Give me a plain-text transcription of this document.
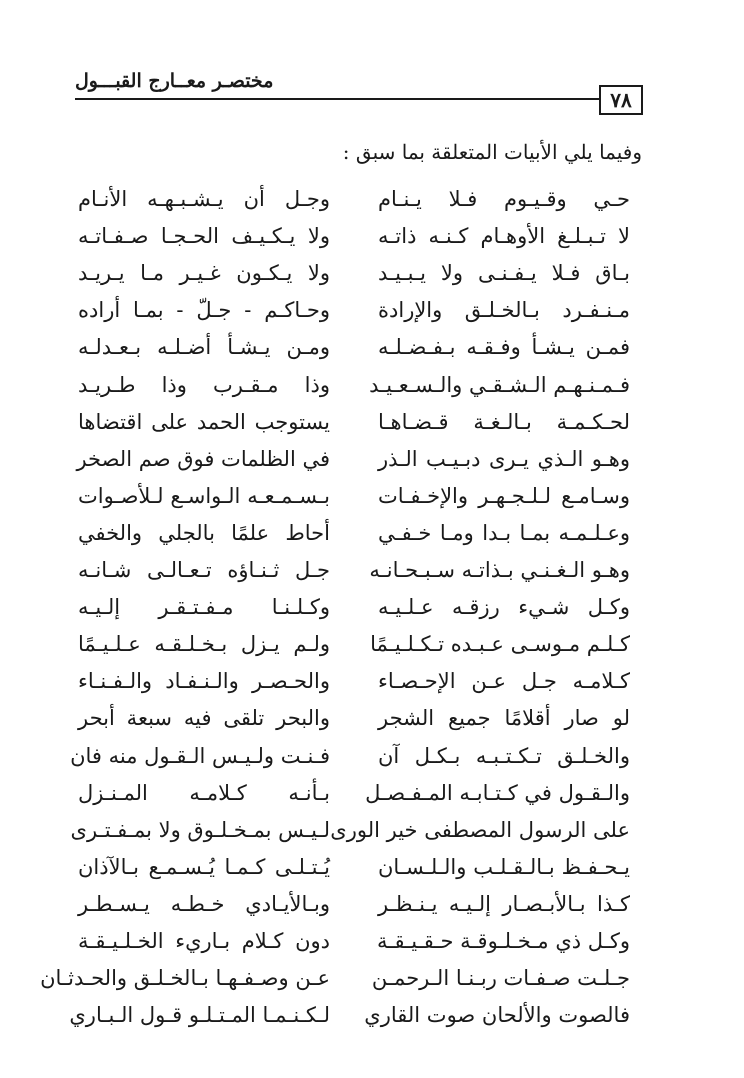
مختصـر معــارج القبـــول
٧٨
وفيما يلي الأبيات المتعلقة بما سبق :
حـي وقـيـوم فـلا يـنـام
وجـل أن يـشـبـهـه الأنـام
لا تـبـلـغ الأوهـام كـنـه ذاتـه
ولا يـكـيـف الحـجـا صـفـاتـه
بـاق فـلا يـفـنـى ولا يـبـيـد
ولا يـكـون غـيـر مـا يـريـد
مـنـفـرد بـالخـلـق والإرادة
وحـاكـم - جـلّ - بمـا أراده
فمـن يـشـأ وفـقـه بـفـضـلـه
ومـن يـشـأ أضـلـه بـعـدلـه
فـمـنـهـم الـشـقـي والـسـعـيـد
وذا مـقـرب وذا طـريـد
لحـكـمـة بـالـغـة قـضـاهـا
يستوجب الحمد على اقتضاها
وهـو الـذي يـرى دبـيـب الـذر
في الظلمات فوق صم الصخر
وسـامـع لـلـجـهـر والإخـفـات
بـسـمـعـه الـواسـع لـلأصـوات
وعـلـمـه بمـا بـدا ومـا خـفـي
أحاط علمًا بالجلي والخفي
وهـو الـغـنـي بـذاتـه سـبـحـانـه
جـل ثـنـاؤه تـعـالـى شـانـه
وكـل شـيء رزقـه عـلـيـه
وكـلـنـا مـفـتـقـر إلـيـه
كـلـم مـوسـى عـبـده تـكـلـيـمًا
ولـم يـزل بـخـلـقـه عـلـيـمًا
كـلامـه جـل عـن الإحـصـاء
والحـصـر والـنـفـاد والـفـنـاء
لو صار أقلامًا جميع الشجر
والبحر تلقى فيه سبعة أبحر
والخـلـق تـكـتـبـه بـكـل آن
فـنـت ولـيـس الـقـول منه فان
والـقـول في كـتـابـه المـفـصـل
بـأنـه كـلامـه المـنـزل
على الرسول المصطفى خير الورى
لـيـس بمـخـلـوق ولا بمـفـتـرى
يـحـفـظ بـالـقـلـب والـلـسـان
يُـتـلـى كـمـا يُـسـمـع بـالآذان
كـذا بـالأبـصـار إلـيـه يـنـظـر
وبـالأيـادي خـطـه يـسـطـر
وكـل ذي مـخـلـوقـة حـقـيـقـة
دون كـلام بـاريء الخـلـيـقـة
جـلـت صـفـات ربـنـا الـرحمـن
عـن وصـفـهـا بـالخـلـق والحـدثـان
فالصوت والألحان صوت القاري
لـكـنـمـا المـتـلـو قـول الـبـاري
